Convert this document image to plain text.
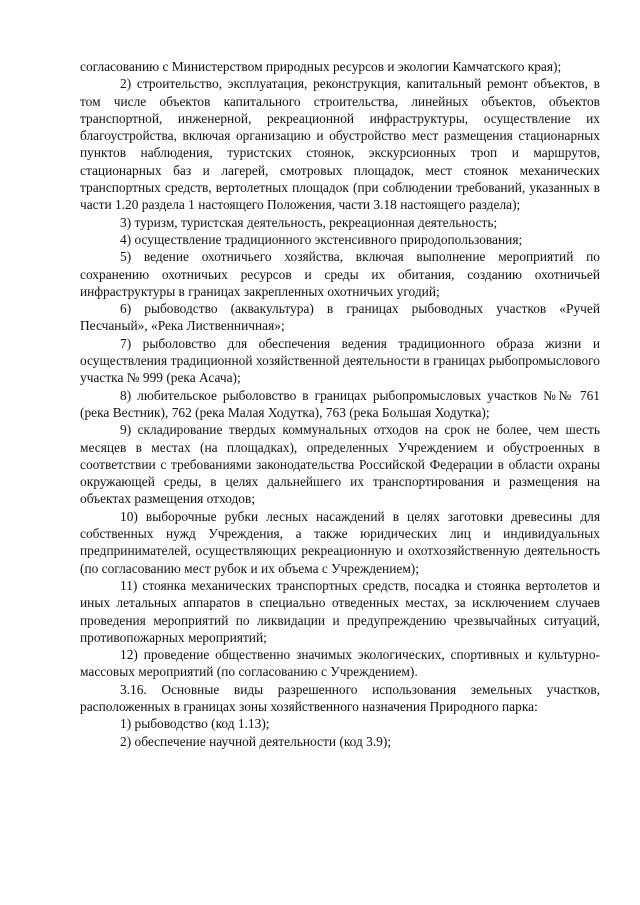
согласованию с Министерством природных ресурсов и экологии Камчатского края);

2) строительство, эксплуатация, реконструкция, капитальный ремонт объектов, в том числе объектов капитального строительства, линейных объектов, объектов транспортной, инженерной, рекреационной инфраструктуры, осуществление их благоустройства, включая организацию и обустройство мест размещения стационарных пунктов наблюдения, туристских стоянок, экскурсионных троп и маршрутов, стационарных баз и лагерей, смотровых площадок, мест стоянок механических транспортных средств, вертолетных площадок (при соблюдении требований, указанных в части 1.20 раздела 1 настоящего Положения, части 3.18 настоящего раздела);

3) туризм, туристская деятельность, рекреационная деятельность;

4) осуществление традиционного экстенсивного природопользования;

5) ведение охотничьего хозяйства, включая выполнение мероприятий по сохранению охотничьих ресурсов и среды их обитания, созданию охотничьей инфраструктуры в границах закрепленных охотничьих угодий;

6) рыбоводство (аквакультура) в границах рыбоводных участков «Ручей Песчаный», «Река Лиственничная»;

7) рыболовство для обеспечения ведения традиционного образа жизни и осуществления традиционной хозяйственной деятельности в границах рыбопромыслового участка № 999 (река Асача);

8) любительское рыболовство в границах рыбопромысловых участков №№ 761 (река Вестник), 762 (река Малая Ходутка), 763 (река Большая Ходутка);

9) складирование твердых коммунальных отходов на срок не более, чем шесть месяцев в местах (на площадках), определенных Учреждением и обустроенных в соответствии с требованиями законодательства Российской Федерации в области охраны окружающей среды, в целях дальнейшего их транспортирования и размещения на объектах размещения отходов;

10) выборочные рубки лесных насаждений в целях заготовки древесины для собственных нужд Учреждения, а также юридических лиц и индивидуальных предпринимателей, осуществляющих рекреационную и охотхозяйственную деятельность (по согласованию мест рубок и их объема с Учреждением);

11) стоянка механических транспортных средств, посадка и стоянка вертолетов и иных летальных аппаратов в специально отведенных местах, за исключением случаев проведения мероприятий по ликвидации и предупреждению чрезвычайных ситуаций, противопожарных мероприятий;

12) проведение общественно значимых экологических, спортивных и культурно-массовых мероприятий (по согласованию с Учреждением).

3.16. Основные виды разрешенного использования земельных участков, расположенных в границах зоны хозяйственного назначения Природного парка:

1) рыбоводство (код 1.13);

2) обеспечение научной деятельности (код 3.9);
